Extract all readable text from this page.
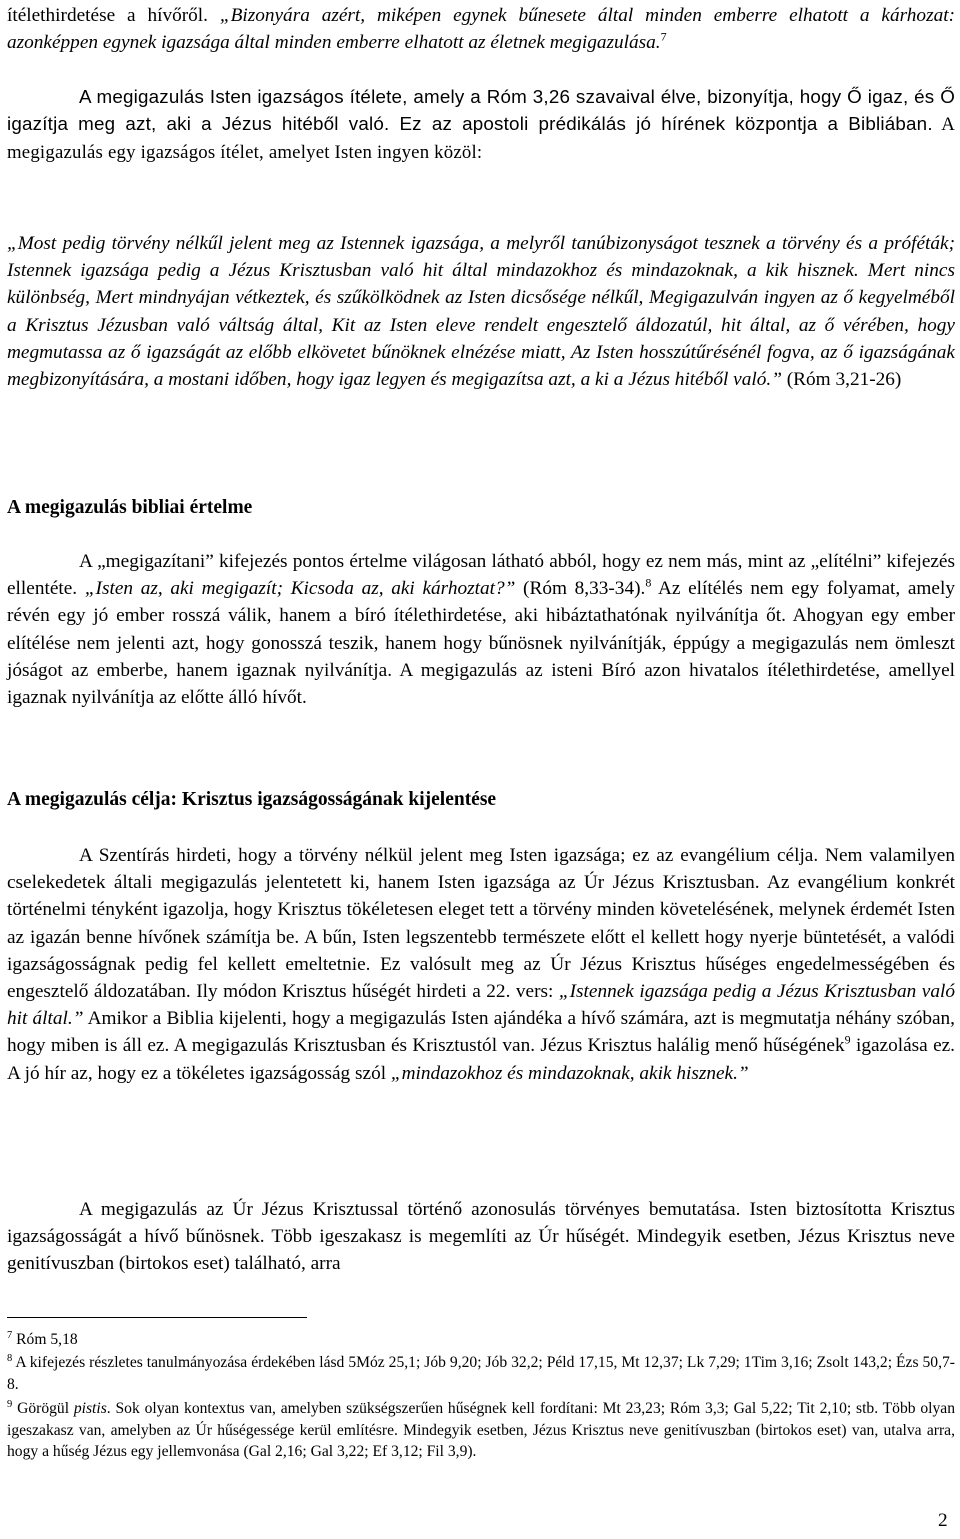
ítélethirdetése a hívőről. „Bizonyára azért, miképen egynek bűnesete által minden emberre elhatott a kárhozat: azonképpen egynek igazsága által minden emberre elhatott az életnek megigazulása.$^7$

A megigazulás Isten igazságos ítélete, amely a Róm 3,26 szavaival élve, bizonyítja, hogy Ő igaz, és Ő igazítja meg azt, aki a Jézus hitéből való. Ez az apostoli prédikálás jó hírének központja a Bibliában. A megigazulás egy igazságos ítélet, amelyet Isten ingyen közöl:

„Most pedig törvény nélkűl jelent meg az Istennek igazsága, a melyről tanúbizonyságot tesznek a törvény és a próféták; Istennek igazsága pedig a Jézus Krisztusban való hit által mindazokhoz és mindazoknak, a kik hisznek. Mert nincs különbség, Mert mindnyájan vétkeztek, és szűkölködnek az Isten dicsősége nélkűl, Megigazulván ingyen az ő kegyelméből a Krisztus Jézusban való váltság által, Kit az Isten eleve rendelt engesztelő áldozatúl, hit által, az ő vérében, hogy megmutassa az ő igazságát az előbb elkövetet bűnöknek elnézése miatt, Az Isten hosszútűrésénél fogva, az ő igazságának megbizonyítására, a mostani időben, hogy igaz legyen és megigazítsa azt, a ki a Jézus hitéből való.” (Róm 3,21-26)

A megigazulás bibliai értelme

A „megigazítani” kifejezés pontos értelme világosan látható abból, hogy ez nem más, mint az „elítélni” kifejezés ellentéte. „Isten az, aki megigazít; Kicsoda az, aki kárhoztat?” (Róm 8,33-34).$^8$ Az elítélés nem egy folyamat, amely révén egy jó ember rosszá válik, hanem a bíró ítélethirdetése, aki hibáztathatónak nyilvánítja őt. Ahogyan egy ember elítélése nem jelenti azt, hogy gonosszá teszik, hanem hogy bűnösnek nyilvánítják, éppúgy a megigazulás nem ömleszt jóságot az emberbe, hanem igaznak nyilvánítja. A megigazulás az isteni Bíró azon hivatalos ítélethirdetése, amellyel igaznak nyilvánítja az előtte álló hívőt.

A megigazulás célja: Krisztus igazságosságának kijelentése

A Szentírás hirdeti, hogy a törvény nélkül jelent meg Isten igazsága; ez az evangélium célja. Nem valamilyen cselekedetek általi megigazulás jelentetett ki, hanem Isten igazsága az Úr Jézus Krisztusban. Az evangélium konkrét történelmi tényként igazolja, hogy Krisztus tökéletesen eleget tett a törvény minden követelésének, melynek érdemét Isten az igazán benne hívőnek számítja be. A bűn, Isten legszentebb természete előtt el kellett hogy nyerje büntetését, a valódi igazságosságnak pedig fel kellett emeltetnie. Ez valósult meg az Úr Jézus Krisztus hűséges engedelmességében és engesztelő áldozatában. Ily módon Krisztus hűségét hirdeti a 22. vers: „Istennek igazsága pedig a Jézus Krisztusban való hit által.” Amikor a Biblia kijelenti, hogy a megigazulás Isten ajándéka a hívő számára, azt is megmutatja néhány szóban, hogy miben is áll ez. A megigazulás Krisztusban és Krisztustól van. Jézus Krisztus halálig menő hűségének$^9$ igazolása ez. A jó hír az, hogy ez a tökéletes igazságosság szól „mindazokhoz és mindazoknak, akik hisznek.”

A megigazulás az Úr Jézus Krisztussal történő azonosulás törvényes bemutatása. Isten biztosította Krisztus igazságosságát a hívő bűnösnek. Több igeszakasz is megemlíti az Úr hűségét. Mindegyik esetben, Jézus Krisztus neve genitívuszban (birtokos eset) található, arra

$^7$ Róm 5,18

$^8$ A kifejezés részletes tanulmányozása érdekében lásd 5Móz 25,1; Jób 9,20; Jób 32,2; Péld 17,15, Mt 12,37; Lk 7,29; 1Tim 3,16; Zsolt 143,2; Ézs 50,7-8.

$^9$ Görögül pistis. Sok olyan kontextus van, amelyben szükségszerűen hűségnek kell fordítani: Mt 23,23; Róm 3,3; Gal 5,22; Tit 2,10; stb. Több olyan igeszakasz van, amelyben az Úr hűségessége kerül említésre. Mindegyik esetben, Jézus Krisztus neve genitívuszban (birtokos eset) van, utalva arra, hogy a hűség Jézus egy jellemvonása (Gal 2,16; Gal 3,22; Ef 3,12; Fil 3,9).

2
